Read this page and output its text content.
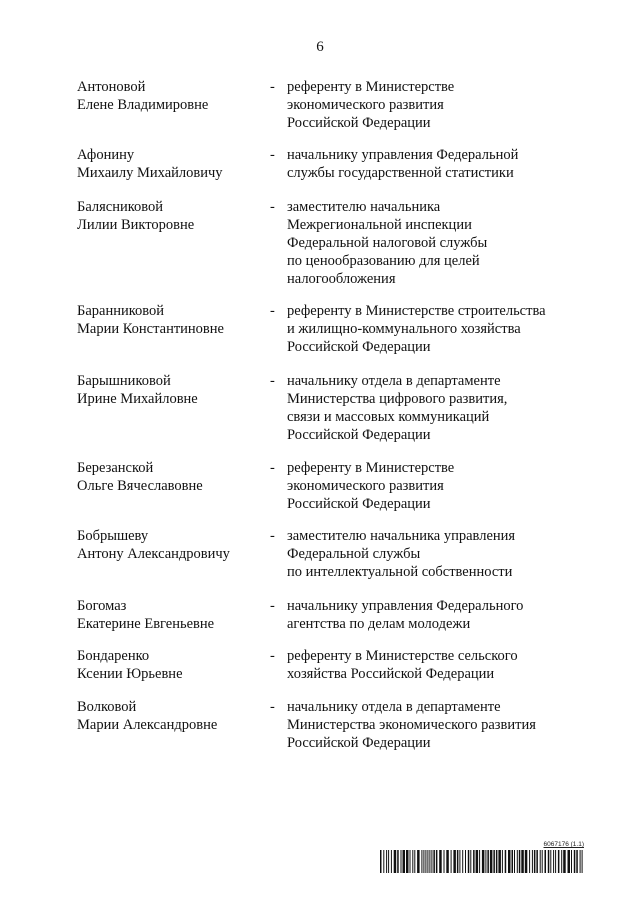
6
Антоновой
Елене Владимировне
- референту в Министерстве
экономического развития
Российской Федерации
Афонину
Михаилу Михайловичу
- начальнику управления Федеральной
службы государственной статистики
Балясниковой
Лилии Викторовне
- заместителю начальника
Межрегиональной инспекции
Федеральной налоговой службы
по ценообразованию для целей
налогообложения
Баранниковой
Марии Константиновне
- референту в Министерстве строительства
и жилищно-коммунального хозяйства
Российской Федерации
Барышниковой
Ирине Михайловне
- начальнику отдела в департаменте
Министерства цифрового развития,
связи и массовых коммуникаций
Российской Федерации
Березанской
Ольге Вячеславовне
- референту в Министерстве
экономического развития
Российской Федерации
Бобрышеву
Антону Александровичу
- заместителю начальника управления
Федеральной службы
по интеллектуальной собственности
Богомаз
Екатерине Евгеньевне
- начальнику управления Федерального
агентства по делам молодежи
Бондаренко
Ксении Юрьевне
- референту в Министерстве сельского
хозяйства Российской Федерации
Волковой
Марии Александровне
- начальнику отдела в департаменте
Министерства экономического развития
Российской Федерации
6067176 (1.1)
